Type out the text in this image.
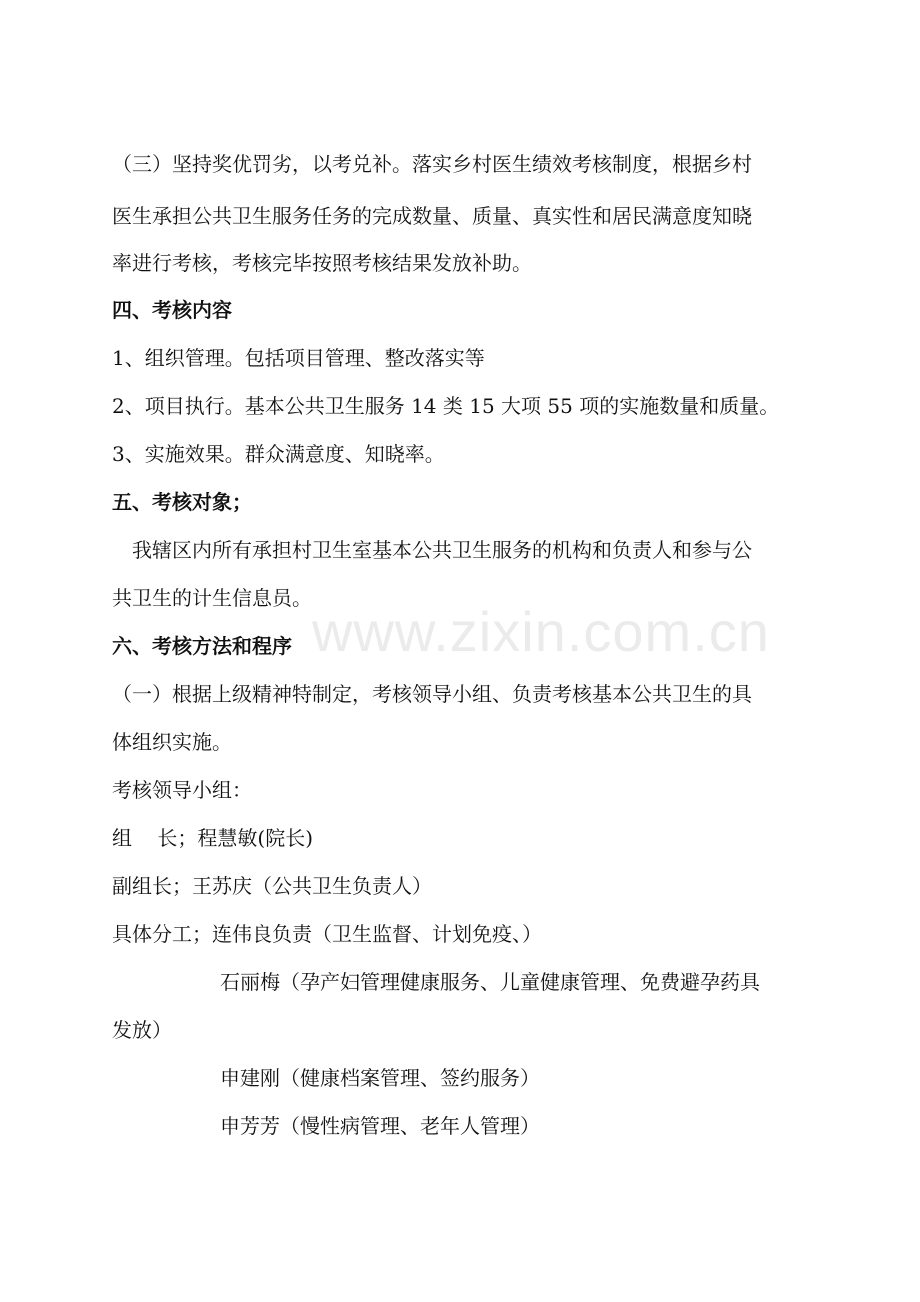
www.zixin.com.cn
（三）坚持奖优罚劣，以考兑补。落实乡村医生绩效考核制度，根据乡村
医生承担公共卫生服务任务的完成数量、质量、真实性和居民满意度知晓
率进行考核，考核完毕按照考核结果发放补助。
四、考核内容
1、组织管理。包括项目管理、整改落实等
2、项目执行。基本公共卫生服务 14 类 15 大项 55 项的实施数量和质量。
3、实施效果。群众满意度、知晓率。
五、考核对象；
我辖区内所有承担村卫生室基本公共卫生服务的机构和负责人和参与公
共卫生的计生信息员。
六、考核方法和程序
（一）根据上级精神特制定，考核领导小组、负责考核基本公共卫生的具
体组织实施。
考核领导小组：
组    长；程慧敏(院长)
副组长；王苏庆（公共卫生负责人）
具体分工；连伟良负责（卫生监督、计划免疫、）
石丽梅（孕产妇管理健康服务、儿童健康管理、免费避孕药具
发放）
申建刚（健康档案管理、签约服务）
申芳芳（慢性病管理、老年人管理）
